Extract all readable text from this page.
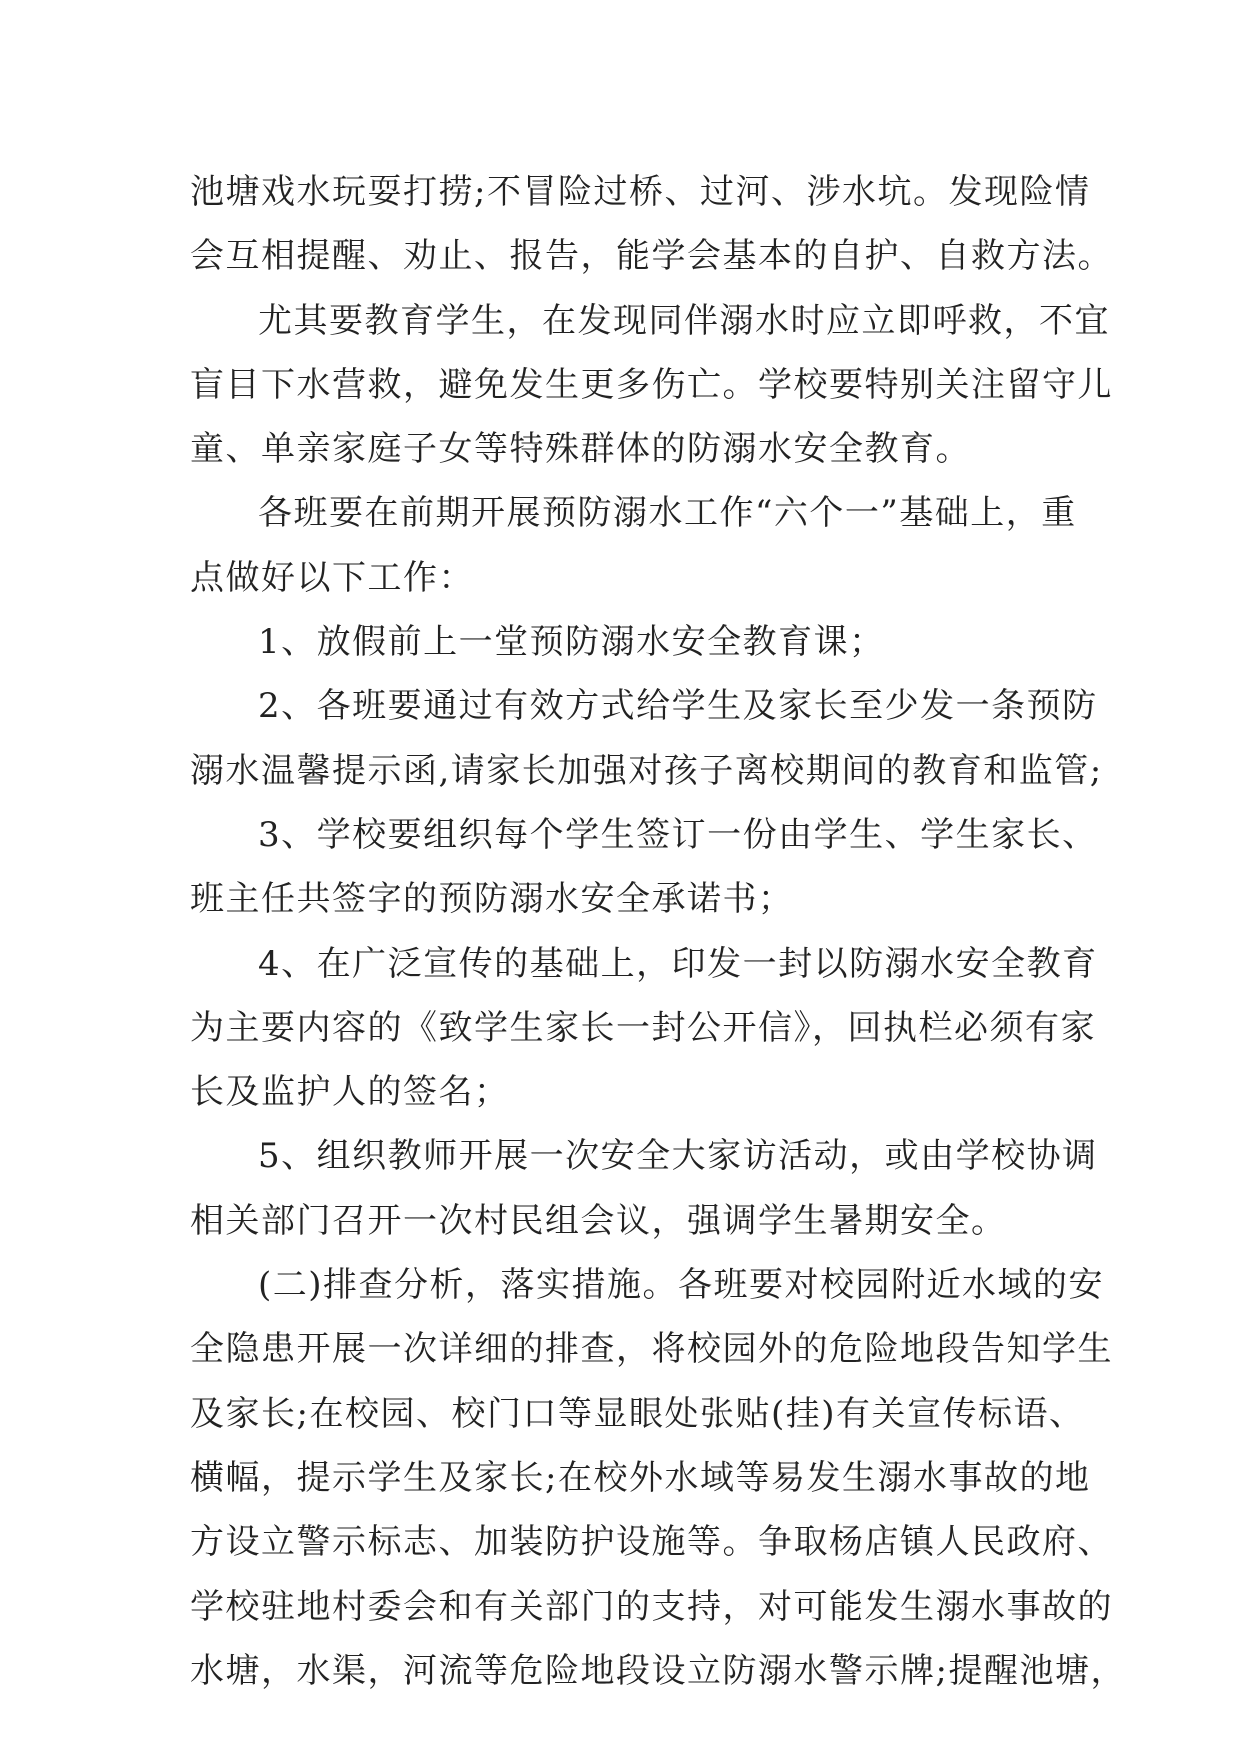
池塘戏水玩耍打捞;不冒险过桥、过河、涉水坑。发现险情
会互相提醒、劝止、报告，能学会基本的自护、自救方法。
尤其要教育学生，在发现同伴溺水时应立即呼救，不宜
盲目下水营救，避免发生更多伤亡。学校要特别关注留守儿
童、单亲家庭子女等特殊群体的防溺水安全教育。
各班要在前期开展预防溺水工作“六个一”基础上，重
点做好以下工作：
1、放假前上一堂预防溺水安全教育课；
2、各班要通过有效方式给学生及家长至少发一条预防
溺水温馨提示函,请家长加强对孩子离校期间的教育和监管;
3、学校要组织每个学生签订一份由学生、学生家长、
班主任共签字的预防溺水安全承诺书；
4、在广泛宣传的基础上，印发一封以防溺水安全教育
为主要内容的《致学生家长一封公开信》，回执栏必须有家
长及监护人的签名；
5、组织教师开展一次安全大家访活动，或由学校协调
相关部门召开一次村民组会议，强调学生暑期安全。
(二)排查分析，落实措施。各班要对校园附近水域的安
全隐患开展一次详细的排查，将校园外的危险地段告知学生
及家长;在校园、校门口等显眼处张贴(挂)有关宣传标语、
横幅，提示学生及家长;在校外水域等易发生溺水事故的地
方设立警示标志、加装防护设施等。争取杨店镇人民政府、
学校驻地村委会和有关部门的支持，对可能发生溺水事故的
水塘，水渠，河流等危险地段设立防溺水警示牌;提醒池塘，
